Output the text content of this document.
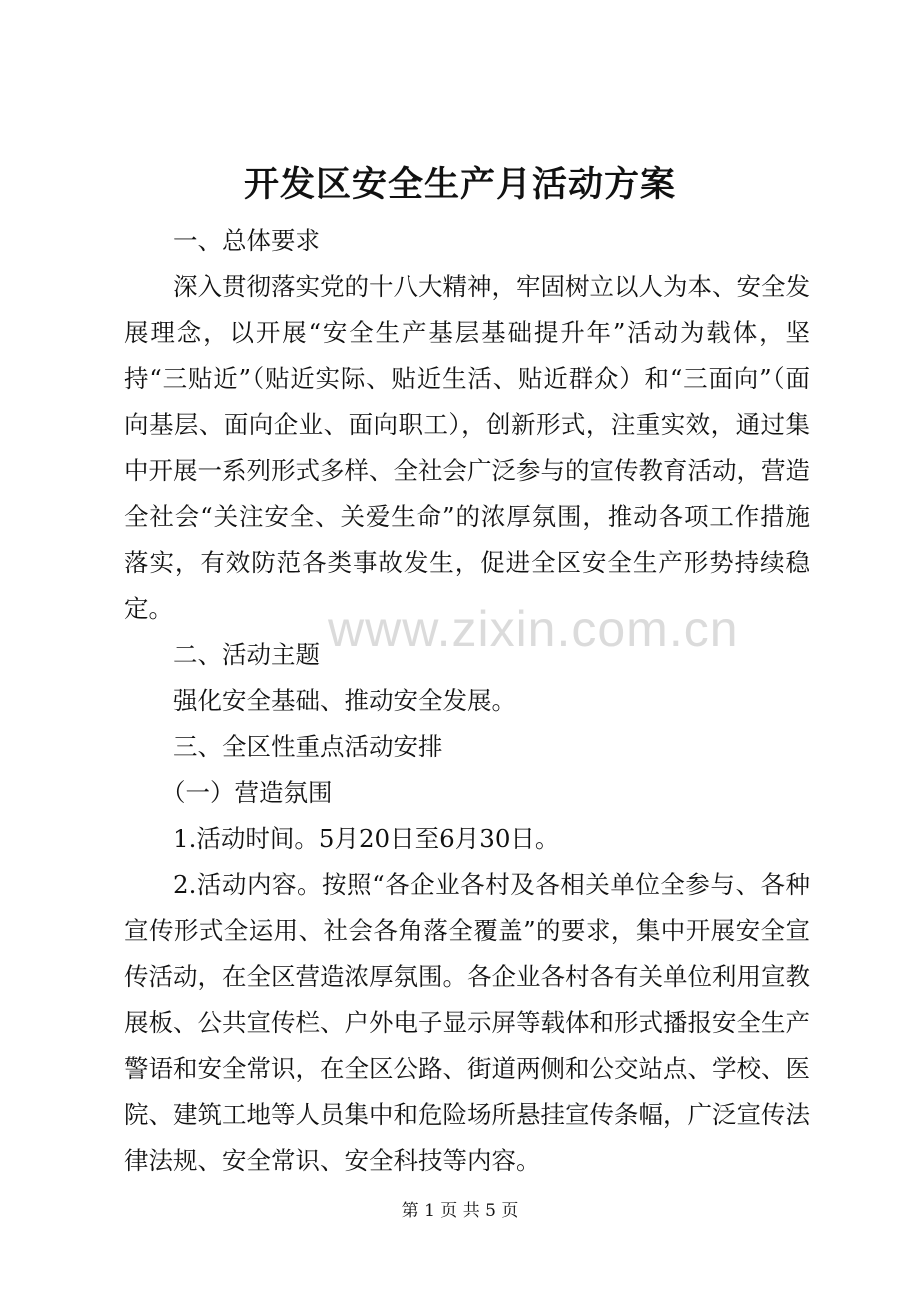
开发区安全生产月活动方案

一、总体要求

深入贯彻落实党的十八大精神，牢固树立以人为本、安全发展理念，以开展“安全生产基层基础提升年”活动为载体，坚持“三贴近”（贴近实际、贴近生活、贴近群众）和“三面向”（面向基层、面向企业、面向职工），创新形式，注重实效，通过集中开展一系列形式多样、全社会广泛参与的宣传教育活动，营造全社会“关注安全、关爱生命”的浓厚氛围，推动各项工作措施落实，有效防范各类事故发生，促进全区安全生产形势持续稳定。

二、活动主题

强化安全基础、推动安全发展。

三、全区性重点活动安排

（一）营造氛围

1.活动时间。5月20日至6月30日。

2.活动内容。按照“各企业各村及各相关单位全参与、各种宣传形式全运用、社会各角落全覆盖”的要求，集中开展安全宣传活动，在全区营造浓厚氛围。各企业各村各有关单位利用宣教展板、公共宣传栏、户外电子显示屏等载体和形式播报安全生产警语和安全常识，在全区公路、街道两侧和公交站点、学校、医院、建筑工地等人员集中和危险场所悬挂宣传条幅，广泛宣传法律法规、安全常识、安全科技等内容。

www.zixin.com.cn
第 1 页 共 5 页
